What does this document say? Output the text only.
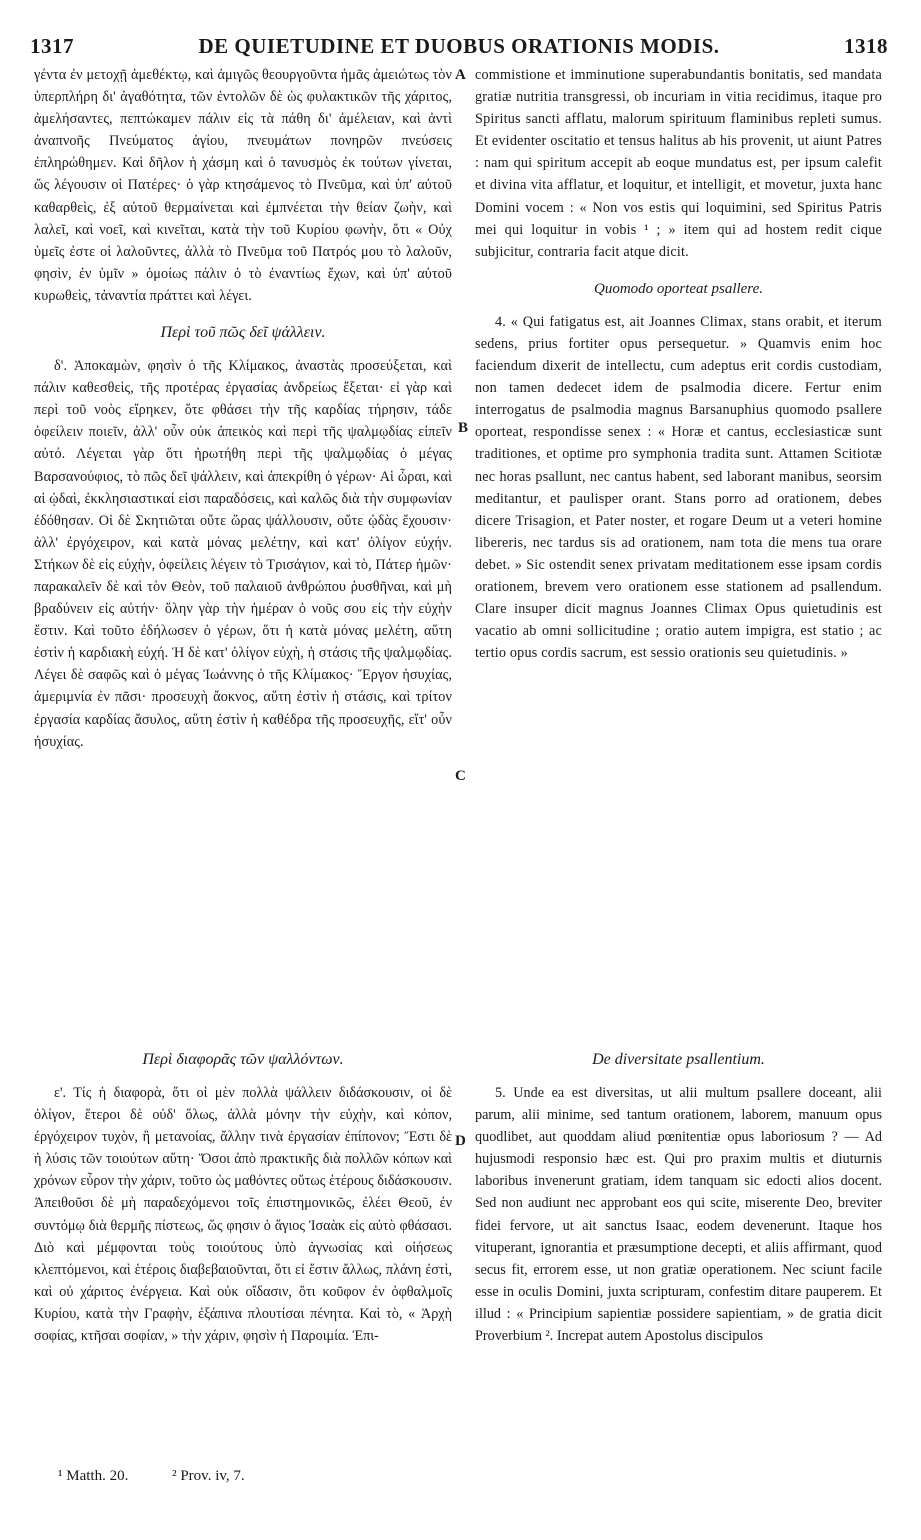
1317	DE QUIETUDINE ET DUOBUS ORATIONIS MODIS.	1318
A
B
C
D

γέντα ἐν μετοχῇ ἀμεθέκτῳ, καὶ ἀμιγῶς θεουργοῦντα ἡμᾶς ἀμειώτως τὸν ὑπερπλήρη δι' ἀγαθότητα, τῶν ἐντολῶν δὲ ὡς φυλακτικῶν τῆς χάριτος, ἀμελήσαντες, πεπτώκαμεν πάλιν εἰς τὰ πάθη δι' ἀμέλειαν, καὶ ἀντὶ ἀναπνοῆς Πνεύματος ἁγίου, πνευμάτων πονηρῶν πνεύσεις ἐπληρώθημεν. Καὶ δῆλον ἡ χάσμη καὶ ὁ τανυσμὸς ἐκ τούτων γίνεται, ὥς λέγουσιν οἱ Πατέρες· ὁ γὰρ κτησάμενος τὸ Πνεῦμα, καὶ ὑπ' αὐτοῦ καθαρθεὶς, ἐξ αὐτοῦ θερμαίνεται καὶ ἐμπνέεται τὴν θείαν ζωὴν, καὶ λαλεῖ, καὶ νοεῖ, καὶ κινεῖται, κατὰ τὴν τοῦ Κυρίου φωνὴν, ὅτι « Οὐχ ὑμεῖς ἐστε οἱ λαλοῦντες, ἀλλὰ τὸ Πνεῦμα τοῦ Πατρός μου τὸ λαλοῦν, φησὶν, ἐν ὑμῖν » ὁμοίως πάλιν ὁ τὸ ἐναντίως ἔχων, καὶ ὑπ' αὐτοῦ κυρωθεὶς, τἀναντία πράττει καὶ λέγει.

Περὶ τοῦ πῶς δεῖ ψάλλειν.

δ'. Ἀποκαμὼν, φησὶν ὁ τῆς Κλίμακος, ἀναστὰς προσεύξεται, καὶ πάλιν καθεσθεὶς, τῆς προτέρας ἐργασίας ἀνδρείως ἕξεται· εἰ γὰρ καὶ περὶ τοῦ νοὸς εἴρηκεν, ὅτε φθάσει τὴν τῆς καρδίας τήρησιν, τάδε ὀφείλειν ποιεῖν, ἀλλ' οὖν οὐκ ἀπεικὸς καὶ περὶ τῆς ψαλμῳδίας εἰπεῖν αὐτό. Λέγεται γὰρ ὅτι ἠρωτήθη περὶ τῆς ψαλμῳδίας ὁ μέγας Βαρσανούφιος, τὸ πῶς δεῖ ψάλλειν, καὶ ἀπεκρίθη ὁ γέρων· Αἱ ὧραι, καὶ αἱ ᾠδαὶ, ἐκκλησιαστικαί εἰσι παραδόσεις, καὶ καλῶς διὰ τὴν συμφωνίαν ἐδόθησαν. Οἱ δὲ Σκητιῶται οὔτε ὥρας ψάλλουσιν, οὔτε ᾠδὰς ἔχουσιν· ἀλλ' ἐργόχειρον, καὶ κατὰ μόνας μελέτην, καὶ κατ' ὀλίγον εὐχήν. Στήκων δὲ εἰς εὐχὴν, ὀφείλεις λέγειν τὸ Τρισάγιον, καὶ τὸ, Πάτερ ἡμῶν· παρακαλεῖν δὲ καὶ τὸν Θεὸν, τοῦ παλαιοῦ ἀνθρώπου ῥυσθῆναι, καὶ μὴ βραδύνειν εἰς αὐτήν· ὅλην γὰρ τὴν ἡμέραν ὁ νοῦς σου εἰς τὴν εὐχὴν ἔστιν. Καὶ τοῦτο ἐδήλωσεν ὁ γέρων, ὅτι ἡ κατὰ μόνας μελέτη, αὕτη ἐστὶν ἡ καρδιακὴ εὐχή. Ἡ δὲ κατ' ὀλίγον εὐχὴ, ἡ στάσις τῆς ψαλμῳδίας. Λέγει δὲ σαφῶς καὶ ὁ μέγας Ἰωάννης ὁ τῆς Κλίμακος· Ἔργον ἡσυχίας, ἀμεριμνία ἐν πᾶσι· προσευχὴ ἄοκνος, αὕτη ἐστὶν ἡ στάσις, καὶ τρίτον ἐργασία καρδίας ἄσυλος, αὕτη ἐστὶν ἡ καθέδρα τῆς προσευχῆς, εἴτ' οὖν ἡσυχίας.

commistione et imminutione superabundantis bonitatis, sed mandata gratiæ nutritia transgressi, ob incuriam in vitia recidimus, itaque pro Spiritus sancti afflatu, malorum spirituum flaminibus repleti sumus. Et evidenter oscitatio et tensus halitus ab his provenit, ut aiunt Patres : nam qui spiritum accepit ab eoque mundatus est, per ipsum calefit et divina vita afflatur, et loquitur, et intelligit, et movetur, juxta hanc Domini vocem : « Non vos estis qui loquimini, sed Spiritus Patris mei qui loquitur in vobis ¹ ; » item qui ad hostem redit cique subjicitur, contraria facit atque dicit.

Quomodo oporteat psallere.

4. « Qui fatigatus est, ait Joannes Climax, stans orabit, et iterum sedens, prius fortiter opus persequetur. » Quamvis enim hoc faciendum dixerit de intellectu, cum adeptus erit cordis custodiam, non tamen dedecet idem de psalmodia dicere. Fertur enim interrogatus de psalmodia magnus Barsanuphius quomodo psallere oporteat, respondisse senex : « Horæ et cantus, ecclesiasticæ sunt traditiones, et optime pro symphonia tradita sunt. Attamen Scitiotæ nec horas psallunt, nec cantus habent, sed laborant manibus, seorsim meditantur, et paulisper orant. Stans porro ad orationem, debes dicere Trisagion, et Pater noster, et rogare Deum ut a veteri homine libereris, nec tardus sis ad orationem, nam tota die mens tua orare debet. » Sic ostendit senex privatam meditationem esse ipsam cordis orationem, brevem vero orationem esse stationem ad psallendum. Clare insuper dicit magnus Joannes Climax Opus quietudinis est vacatio ab omni sollicitudine ; oratio autem impigra, est statio ; ac tertio opus cordis sacrum, est sessio orationis seu quietudinis. »

Περὶ διαφορᾶς τῶν ψαλλόντων.

ε'. Τίς ἡ διαφορὰ, ὅτι οἱ μὲν πολλὰ ψάλλειν διδάσκουσιν, οἱ δὲ ὀλίγον, ἕτεροι δὲ οὐδ' ὅλως, ἀλλὰ μόνην τὴν εὐχὴν, καὶ κόπον, ἐργόχειρον τυχὸν, ἢ μετανοίας, ἄλλην τινὰ ἐργασίαν ἐπίπονον; Ἔστι δὲ ἡ λύσις τῶν τοιούτων αὕτη· Ὅσοι ἀπὸ πρακτικῆς διὰ πολλῶν κόπων καὶ χρόνων εὗρον τὴν χάριν, τοῦτο ὡς μαθόντες οὕτως ἑτέρους διδάσκουσιν. Ἀπειθοῦσι δὲ μὴ παραδεχόμενοι τοῖς ἐπιστημονικῶς, ἐλέει Θεοῦ, ἐν συντόμῳ διὰ θερμῆς πίστεως, ὥς φησιν ὁ ἅγιος Ἰσαὰκ εἰς αὐτὸ φθάσασι. Διὸ καὶ μέμφονται τοὺς τοιούτους ὑπὸ ἀγνωσίας καὶ οἰήσεως κλεπτόμενοι, καὶ ἑτέροις διαβεβαιοῦνται, ὅτι εἰ ἔστιν ἄλλως, πλάνη ἐστὶ, καὶ οὐ χάριτος ἐνέργεια. Καὶ οὐκ οἴδασιν, ὅτι κοῦφον ἐν ὀφθαλμοῖς Κυρίου, κατὰ τὴν Γραφὴν, ἐξάπινα πλουτίσαι πένητα. Καὶ τὸ, « Ἀρχὴ σοφίας, κτῆσαι σοφίαν, » τὴν χάριν, φησὶν ἡ Παροιμία. Ἐπι-

De diversitate psallentium.

5. Unde ea est diversitas, ut alii multum psallere doceant, alii parum, alii minime, sed tantum orationem, laborem, manuum opus quodlibet, aut quoddam aliud pœnitentiæ opus laboriosum ? — Ad hujusmodi responsio hæc est. Qui pro praxim multis et diuturnis laboribus invenerunt gratiam, idem tanquam sic edocti alios docent. Sed non audiunt nec approbant eos qui scite, miserente Deo, breviter fidei fervore, ut ait sanctus Isaac, eodem devenerunt. Itaque hos vituperant, ignorantia et præsumptione decepti, et aliis affirmant, quod secus fit, errorem esse, ut non gratiæ operationem. Nec sciunt facile esse in oculis Domini, juxta scripturam, confestim ditare pauperem. Et illud : « Principium sapientiæ possidere sapientiam, » de gratia dicit Proverbium ². Increpat autem Apostolus discipulos

¹ Matth. 20.	² Prov. iv, 7.
